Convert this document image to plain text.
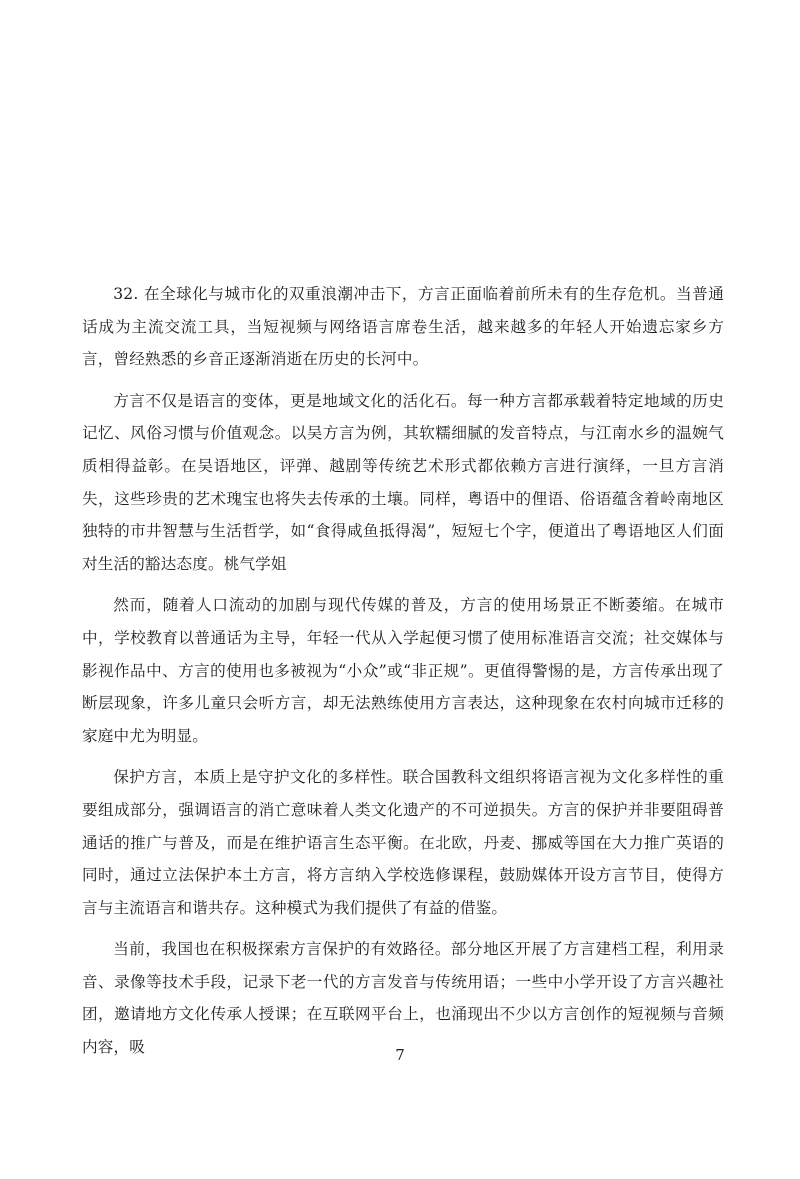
32. 在全球化与城市化的双重浪潮冲击下，方言正面临着前所未有的生存危机。当普通话成为主流交流工具，当短视频与网络语言席卷生活，越来越多的年轻人开始遗忘家乡方言，曾经熟悉的乡音正逐渐消逝在历史的长河中。

方言不仅是语言的变体，更是地域文化的活化石。每一种方言都承载着特定地域的历史记忆、风俗习惯与价值观念。以吴方言为例，其软糯细腻的发音特点，与江南水乡的温婉气质相得益彰。在吴语地区，评弹、越剧等传统艺术形式都依赖方言进行演绎，一旦方言消失，这些珍贵的艺术瑰宝也将失去传承的土壤。同样，粤语中的俚语、俗语蕴含着岭南地区独特的市井智慧与生活哲学，如“食得咸鱼抵得渴”，短短七个字，便道出了粤语地区人们面对生活的豁达态度。桃气学姐

然而，随着人口流动的加剧与现代传媒的普及，方言的使用场景正不断萎缩。在城市中，学校教育以普通话为主导，年轻一代从入学起便习惯了使用标准语言交流；社交媒体与影视作品中、方言的使用也多被视为“小众”或“非正规”。更值得警惕的是，方言传承出现了断层现象，许多儿童只会听方言，却无法熟练使用方言表达，这种现象在农村向城市迁移的家庭中尤为明显。

保护方言，本质上是守护文化的多样性。联合国教科文组织将语言视为文化多样性的重要组成部分，强调语言的消亡意味着人类文化遗产的不可逆损失。方言的保护并非要阻碍普通话的推广与普及，而是在维护语言生态平衡。在北欧，丹麦、挪威等国在大力推广英语的同时，通过立法保护本土方言，将方言纳入学校选修课程，鼓励媒体开设方言节目，使得方言与主流语言和谐共存。这种模式为我们提供了有益的借鉴。

当前，我国也在积极探索方言保护的有效路径。部分地区开展了方言建档工程，利用录音、录像等技术手段，记录下老一代的方言发音与传统用语；一些中小学开设了方言兴趣社团，邀请地方文化传承人授课；在互联网平台上，也涌现出不少以方言创作的短视频与音频内容，吸	7
